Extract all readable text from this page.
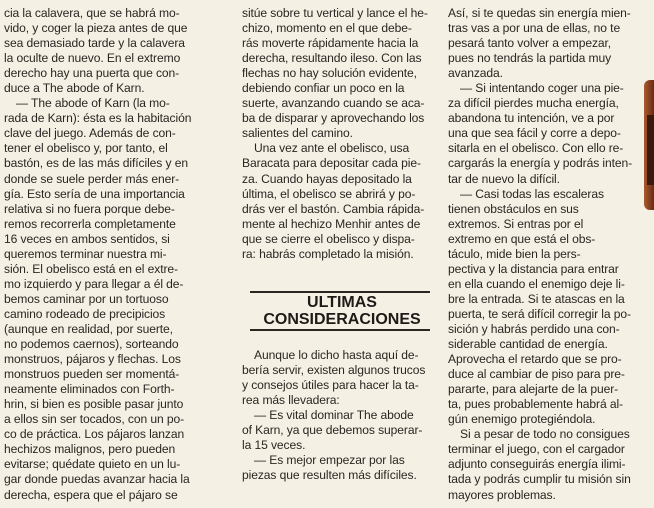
cia la calavera, que se habrá mo-
vido, y coger la pieza antes de que
sea demasiado tarde y la calavera
la oculte de nuevo. En el extremo
derecho hay una puerta que con-
duce a The abode of Karn.
— The abode of Karn (la mo-
rada de Karn): ésta es la habitación
clave del juego. Además de con-
tener el obelisco y, por tanto, el
bastón, es de las más difíciles y en
donde se suele perder más ener-
gía. Esto sería de una importancia
relativa si no fuera porque debe-
remos recorrerla completamente
16 veces en ambos sentidos, si
queremos terminar nuestra mi-
sión. El obelisco está en el extre-
mo izquierdo y para llegar a él de-
bemos caminar por un tortuoso
camino rodeado de precipicios
(aunque en realidad, por suerte,
no podemos caernos), sorteando
monstruos, pájaros y flechas. Los
monstruos pueden ser momentá-
neamente eliminados con Forth-
hrin, si bien es posible pasar junto
a ellos sin ser tocados, con un po-
co de práctica. Los pájaros lanzan
hechizos malignos, pero pueden
evitarse; quédate quieto en un lu-
gar donde puedas avanzar hacia la
derecha, espera que el pájaro se
sitúe sobre tu vertical y lance el he-
chizo, momento en el que debe-
rás moverte rápidamente hacia la
derecha, resultando ileso. Con las
flechas no hay solución evidente,
debiendo confiar un poco en la
suerte, avanzando cuando se aca-
ba de disparar y aprovechando los
salientes del camino.
Una vez ante el obelisco, usa
Baracata para depositar cada pie-
za. Cuando hayas depositado la
última, el obelisco se abrirá y po-
drás ver el bastón. Cambia rápida-
mente al hechizo Menhir antes de
que se cierre el obelisco y dispa-
ra: habrás completado la misión.
ULTIMAS
CONSIDERACIONES
Aunque lo dicho hasta aquí de-
bería servir, existen algunos trucos
y consejos útiles para hacer la ta-
rea más llevadera:
— Es vital dominar The abode
of Karn, ya que debemos superar-
la 15 veces.
— Es mejor empezar por las
piezas que resulten más difíciles.
Así, si te quedas sin energía mien-
tras vas a por una de ellas, no te
pesará tanto volver a empezar,
pues no tendrás la partida muy
avanzada.
— Si intentando coger una pie-
za difícil pierdes mucha energía,
abandona tu intención, ve a por
una que sea fácil y corre a depo-
sitarla en el obelisco. Con ello re-
cargarás la energía y podrás inten-
tar de nuevo la difícil.
— Casi todas las escaleras
tienen obstáculos en sus
extremos. Si entras por el
extremo en que está el obs-
táculo, mide bien la pers-
pectiva y la distancia para entrar
en ella cuando el enemigo deje li-
bre la entrada. Si te atascas en la
puerta, te será difícil corregir la po-
sición y habrás perdido una con-
siderable cantidad de energía.
Aprovecha el retardo que se pro-
duce al cambiar de piso para pre-
pararte, para alejarte de la puer-
ta, pues probablemente habrá al-
gún enemigo protegiéndola.
Si a pesar de todo no consigues
terminar el juego, con el cargador
adjunto conseguirás energía ilimi-
tada y podrás cumplir tu misión sin
mayores problemas.
